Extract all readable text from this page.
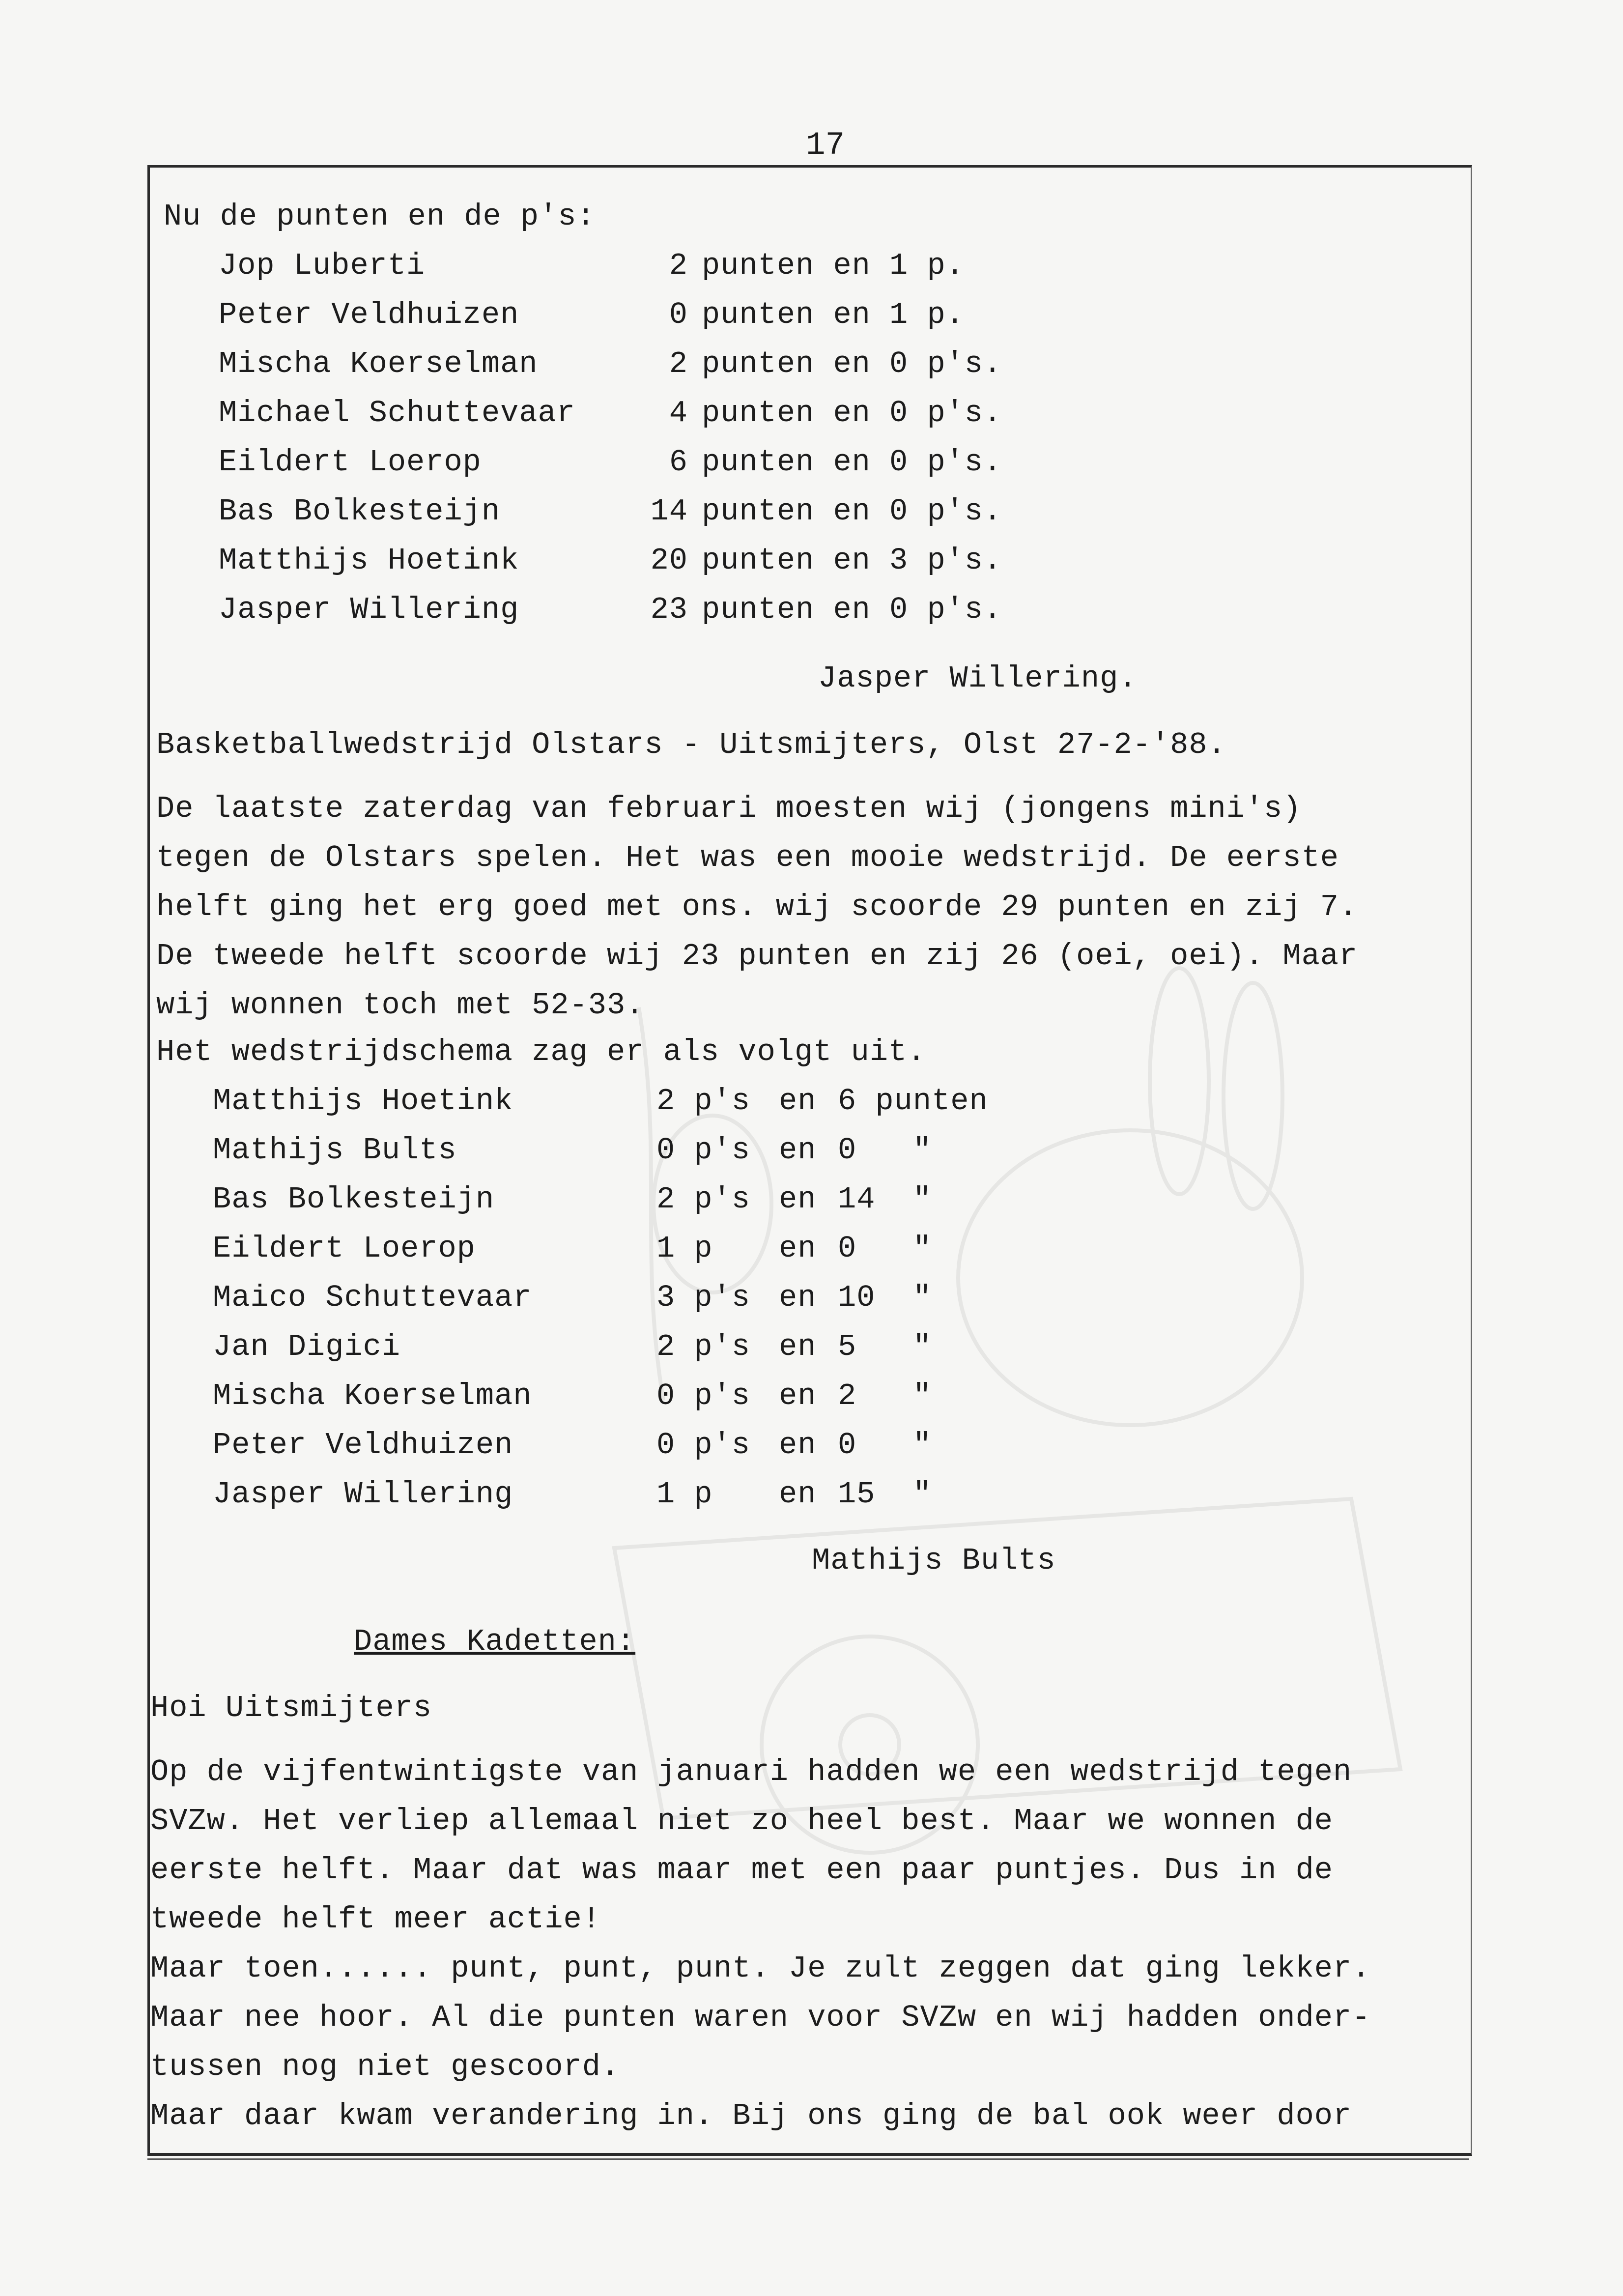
17
Nu de punten en de p's:
Jop Luberti	2 punten en 1 p.
Peter Veldhuizen	0 punten en 1 p.
Mischa Koerselman	2 punten en 0 p's.
Michael Schuttevaar	4 punten en 0 p's.
Eildert Loerop	6 punten en 0 p's.
Bas Bolkesteijn	14 punten en 0 p's.
Matthijs Hoetink	20 punten en 3 p's.
Jasper Willering	23 punten en 0 p's.
Jasper Willering.
Basketballwedstrijd Olstars - Uitsmijters, Olst 27-2-'88.
De laatste zaterdag van februari moesten wij (jongens mini's)
tegen de Olstars spelen. Het was een mooie wedstrijd. De eerste
helft ging het erg goed met ons. wij scoorde 29 punten en zij 7.
De tweede helft scoorde wij 23 punten en zij 26 (oei, oei). Maar
wij wonnen toch met 52-33.
Het wedstrijdschema zag er als volgt uit.
Matthijs Hoetink	2 p's en 6 punten
Mathijs Bults	0 p's en 0   "
Bas Bolkesteijn	2 p's en 14  "
Eildert Loerop	1 p en 0   "
Maico Schuttevaar	3 p's en 10  "
Jan Digici	2 p's en 5   "
Mischa Koerselman	0 p's en 2   "
Peter Veldhuizen	0 p's en 0   "
Jasper Willering	1 p en 15  "
Mathijs Bults
Dames Kadetten:
Hoi Uitsmijters
Op de vijfentwintigste van januari hadden we een wedstrijd tegen
SVZw. Het verliep allemaal niet zo heel best. Maar we wonnen de
eerste helft. Maar dat was maar met een paar puntjes. Dus in de
tweede helft meer actie!
Maar toen...... punt, punt, punt. Je zult zeggen dat ging lekker.
Maar nee hoor. Al die punten waren voor SVZw en wij hadden onder-
tussen nog niet gescoord.
Maar daar kwam verandering in. Bij ons ging de bal ook weer door
